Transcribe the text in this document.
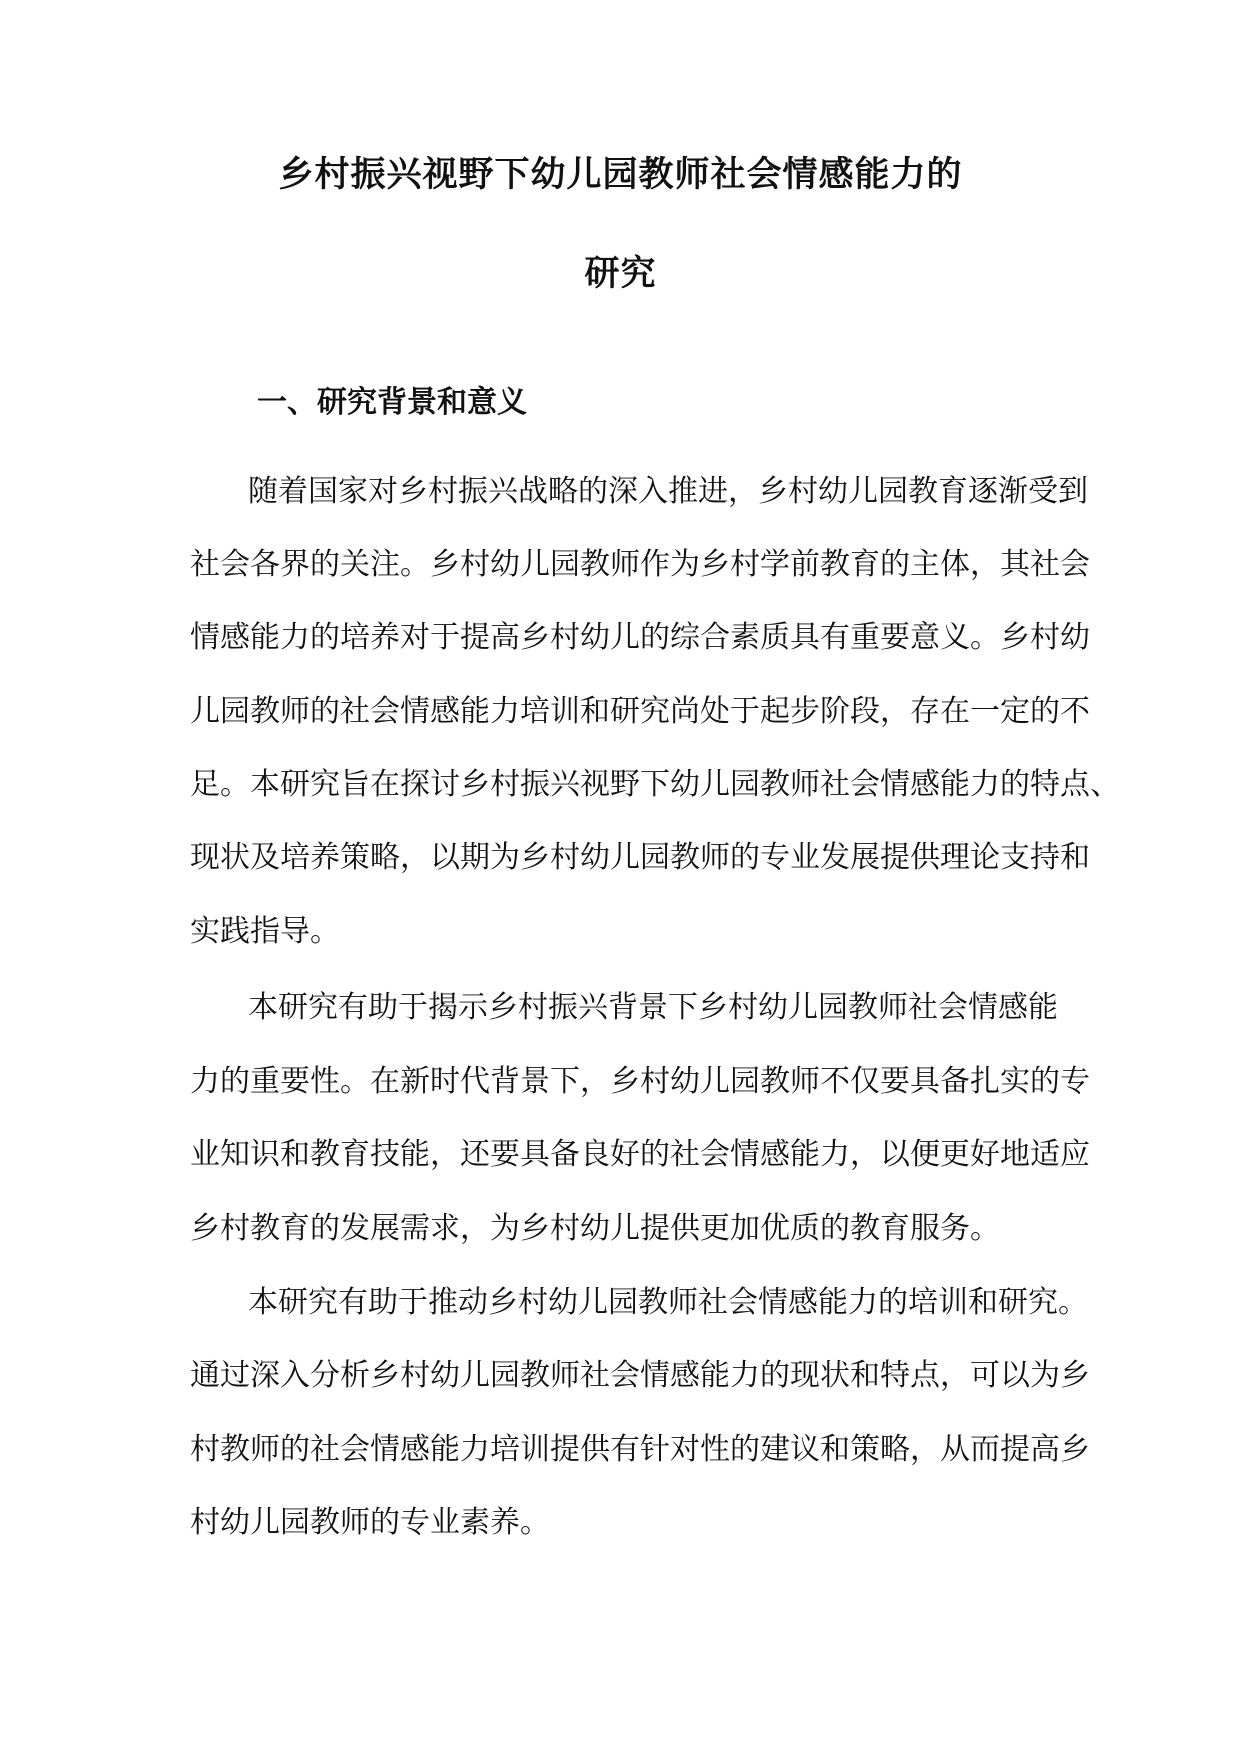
乡村振兴视野下幼儿园教师社会情感能力的
研究
一、研究背景和意义
随着国家对乡村振兴战略的深入推进，乡村幼儿园教育逐渐受到
社会各界的关注。乡村幼儿园教师作为乡村学前教育的主体，其社会
情感能力的培养对于提高乡村幼儿的综合素质具有重要意义。乡村幼
儿园教师的社会情感能力培训和研究尚处于起步阶段，存在一定的不
足。本研究旨在探讨乡村振兴视野下幼儿园教师社会情感能力的特点、
现状及培养策略，以期为乡村幼儿园教师的专业发展提供理论支持和
实践指导。
本研究有助于揭示乡村振兴背景下乡村幼儿园教师社会情感能
力的重要性。在新时代背景下，乡村幼儿园教师不仅要具备扎实的专
业知识和教育技能，还要具备良好的社会情感能力，以便更好地适应
乡村教育的发展需求，为乡村幼儿提供更加优质的教育服务。
本研究有助于推动乡村幼儿园教师社会情感能力的培训和研究。
通过深入分析乡村幼儿园教师社会情感能力的现状和特点，可以为乡
村教师的社会情感能力培训提供有针对性的建议和策略，从而提高乡
村幼儿园教师的专业素养。
